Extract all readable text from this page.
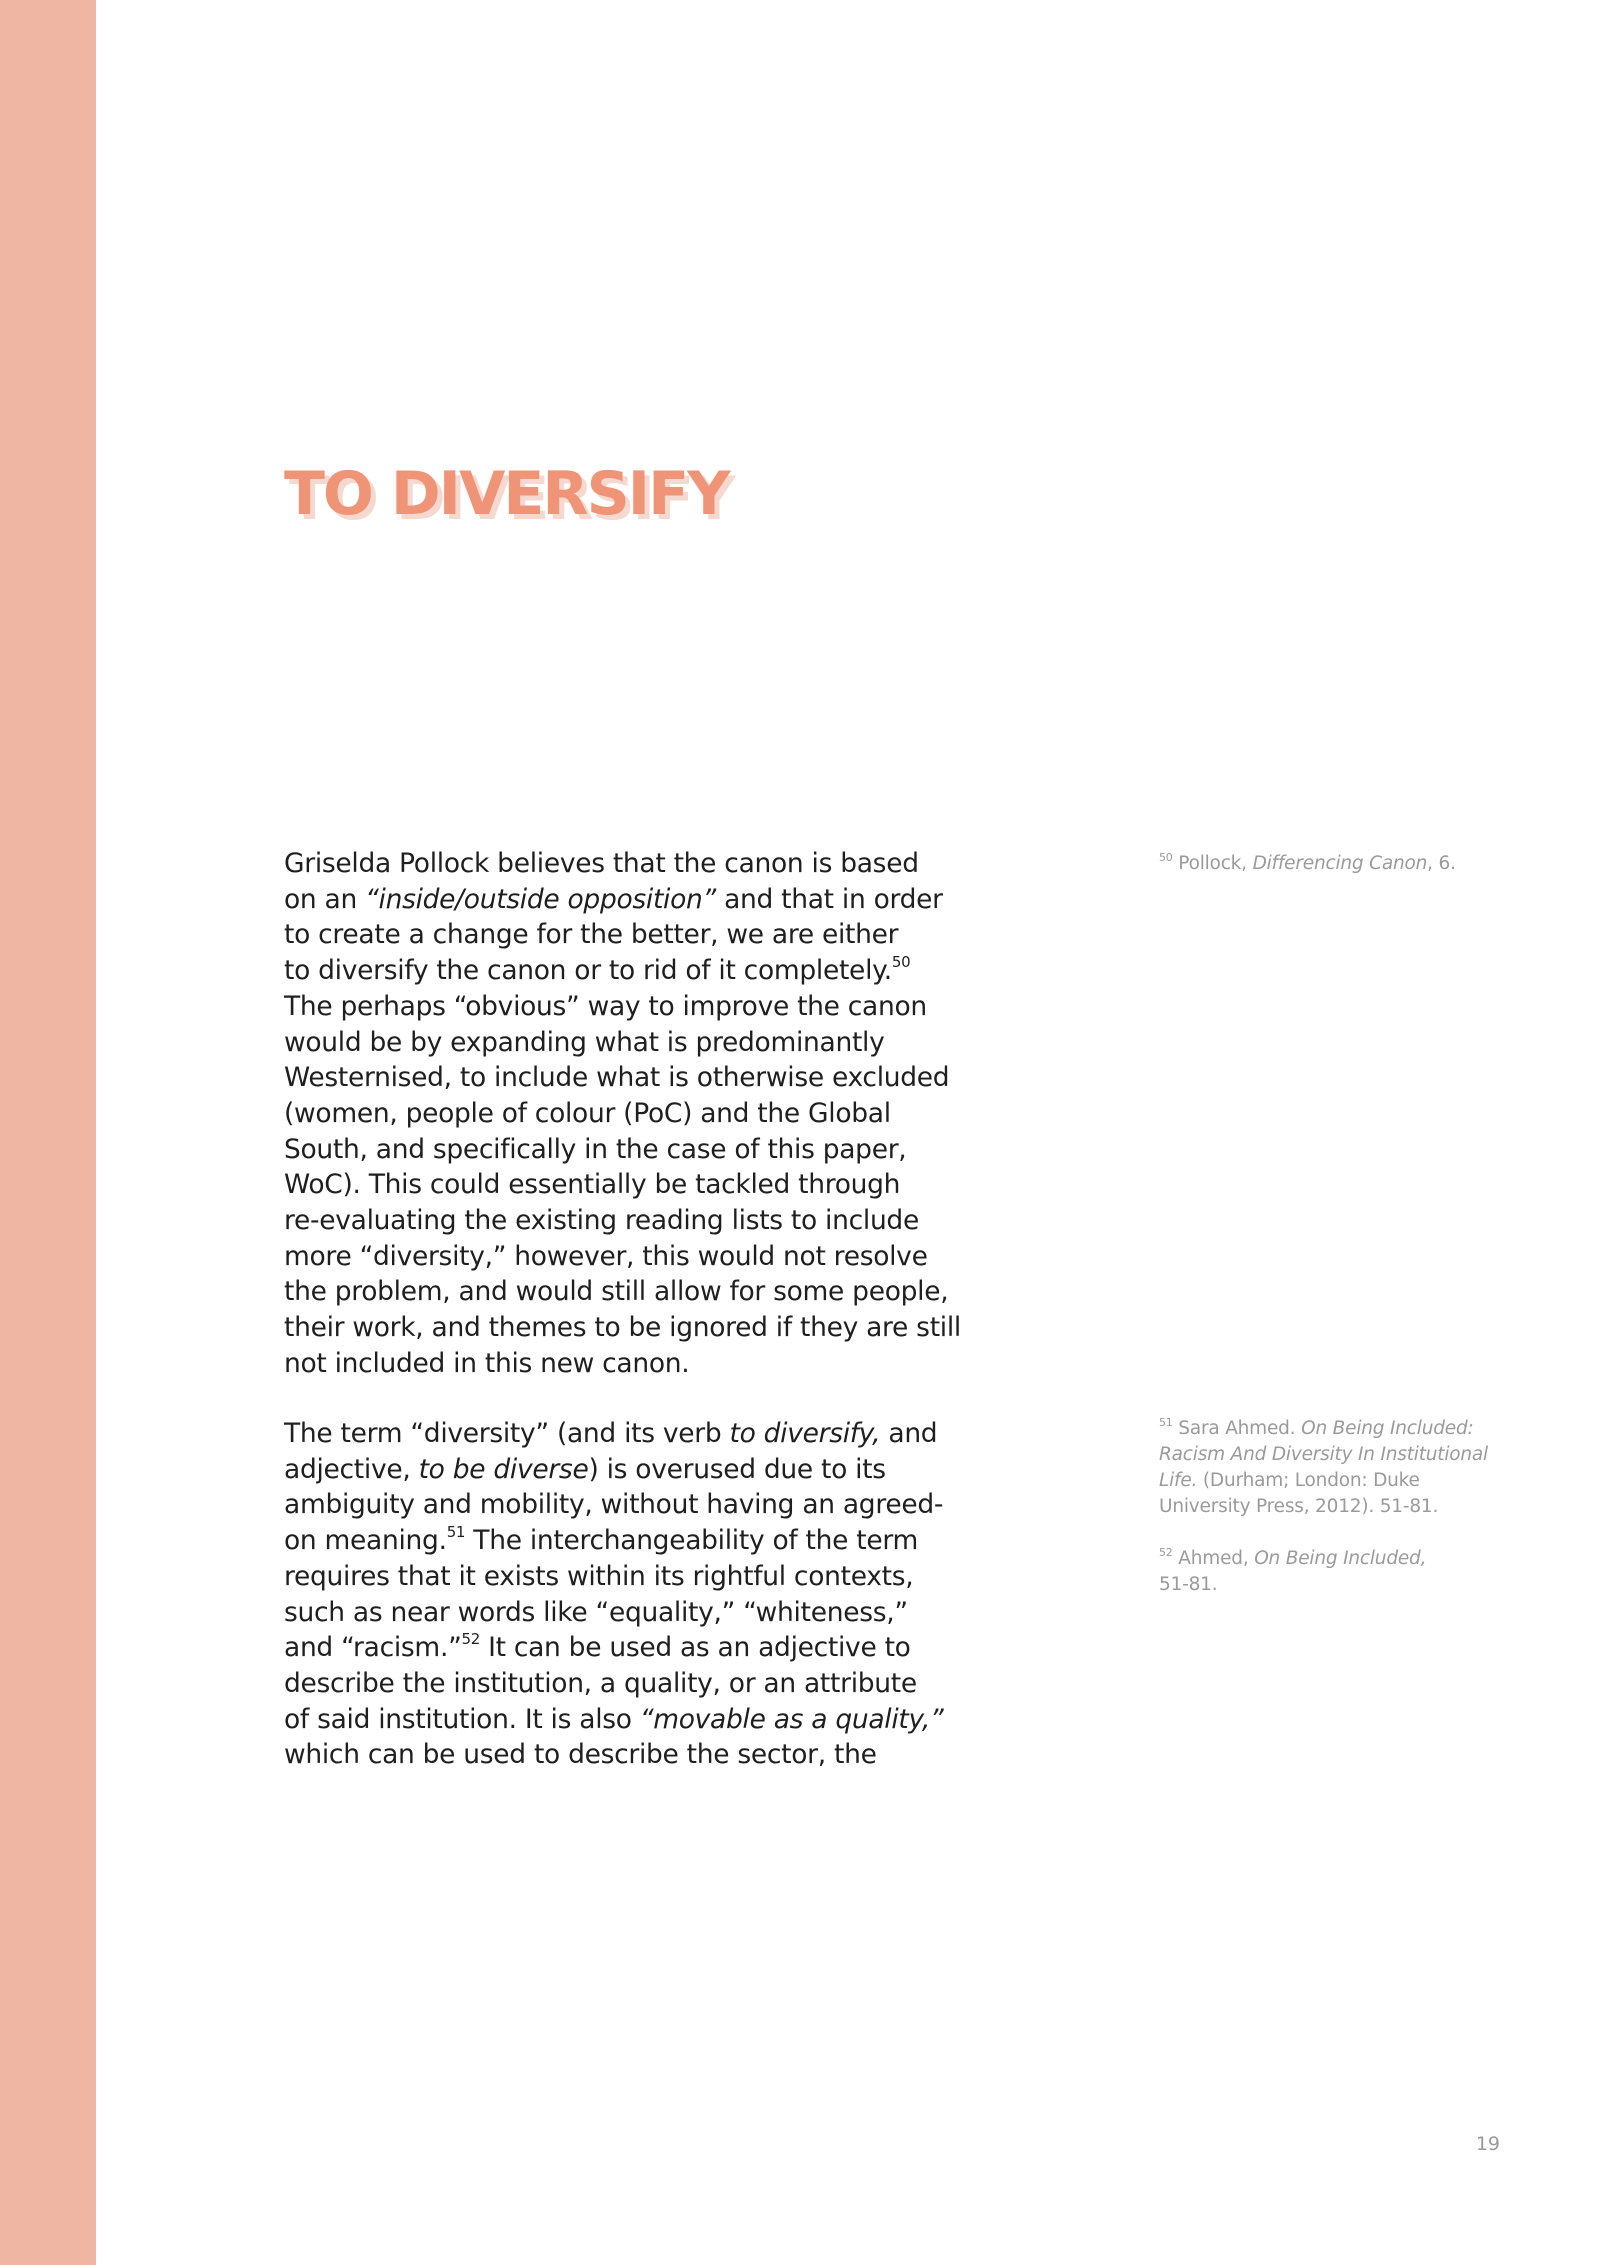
TO DIVERSIFY

Griselda Pollock believes that the canon is based
on an “inside/outside opposition” and that in order
to create a change for the better, we are either
to diversify the canon or to rid of it completely.$^{50}$
The perhaps “obvious” way to improve the canon
would be by expanding what is predominantly
Westernised, to include what is otherwise excluded
(women, people of colour (PoC) and the Global
South, and specifically in the case of this paper,
WoC). This could essentially be tackled through
re-evaluating the existing reading lists to include
more “diversity,” however, this would not resolve
the problem, and would still allow for some people,
their work, and themes to be ignored if they are still
not included in this new canon.

The term “diversity” (and its verb to diversify, and
adjective, to be diverse) is overused due to its
ambiguity and mobility, without having an agreed-
on meaning.$^{51}$ The interchangeability of the term
requires that it exists within its rightful contexts,
such as near words like “equality,” “whiteness,”
and “racism.”$^{52}$ It can be used as an adjective to
describe the institution, a quality, or an attribute
of said institution. It is also “movable as a quality,”
which can be used to describe the sector, the

$^{50}$ Pollock, Differencing Canon, 6.
$^{51}$ Sara Ahmed. On Being Included:
Racism And Diversity In Institutional
Life. (Durham; London: Duke
University Press, 2012). 51-81.
$^{52}$ Ahmed, On Being Included,
51-81.
19
